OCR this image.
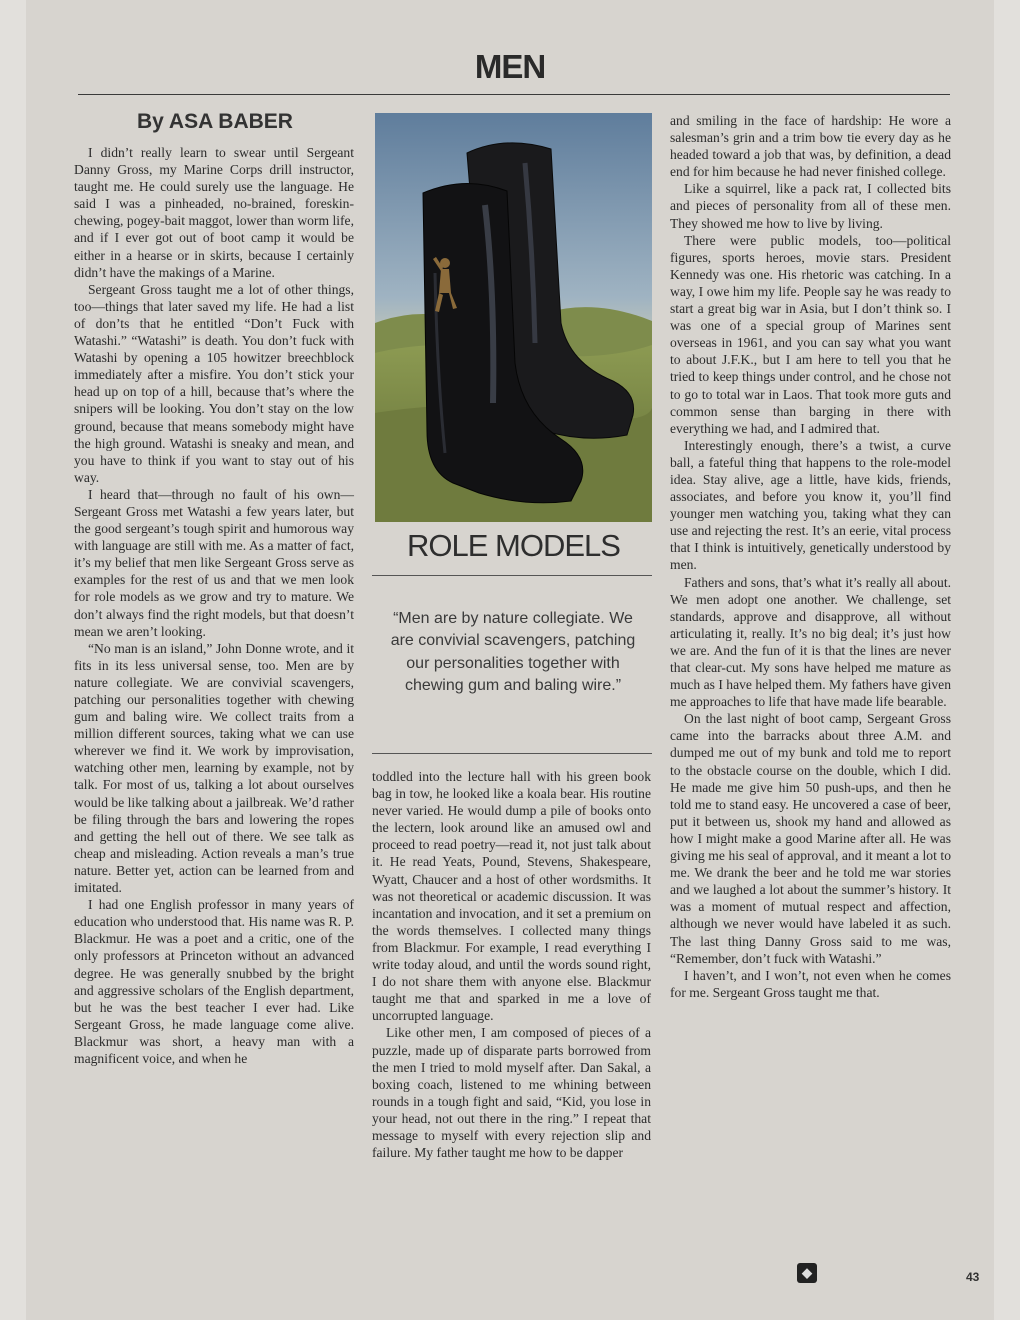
MEN
By ASA BABER

I didn’t really learn to swear until Sergeant Danny Gross, my Marine Corps drill instructor, taught me. He could surely use the language. He said I was a pinheaded, no-brained, foreskin-chewing, pogey-bait maggot, lower than worm life, and if I ever got out of boot camp it would be either in a hearse or in skirts, because I certainly didn’t have the makings of a Marine.

Sergeant Gross taught me a lot of other things, too—things that later saved my life. He had a list of don’ts that he entitled “Don’t Fuck with Watashi.” “Watashi” is death. You don’t fuck with Watashi by opening a 105 howitzer breechblock immediately after a misfire. You don’t stick your head up on top of a hill, because that’s where the snipers will be looking. You don’t stay on the low ground, because that means somebody might have the high ground. Watashi is sneaky and mean, and you have to think if you want to stay out of his way.

I heard that—through no fault of his own—Sergeant Gross met Watashi a few years later, but the good sergeant’s tough spirit and humorous way with language are still with me. As a matter of fact, it’s my belief that men like Sergeant Gross serve as examples for the rest of us and that we men look for role models as we grow and try to mature. We don’t always find the right models, but that doesn’t mean we aren’t looking.

“No man is an island,” John Donne wrote, and it fits in its less universal sense, too. Men are by nature collegiate. We are convivial scavengers, patching our personalities together with chewing gum and baling wire. We collect traits from a million different sources, taking what we can use wherever we find it. We work by improvisation, watching other men, learning by example, not by talk. For most of us, talking a lot about ourselves would be like talking about a jailbreak. We’d rather be filing through the bars and lowering the ropes and getting the hell out of there. We see talk as cheap and misleading. Action reveals a man’s true nature. Better yet, action can be learned from and imitated.

I had one English professor in many years of education who understood that. His name was R. P. Blackmur. He was a poet and a critic, one of the only professors at Princeton without an advanced degree. He was generally snubbed by the bright and aggressive scholars of the English department, but he was the best teacher I ever had. Like Sergeant Gross, he made language come alive. Blackmur was short, a heavy man with a magnificent voice, and when he

ROLE MODELS
“Men are by nature collegiate. We are convivial scavengers, patching our personalities together with chewing gum and baling wire.”

toddled into the lecture hall with his green book bag in tow, he looked like a koala bear. His routine never varied. He would dump a pile of books onto the lectern, look around like an amused owl and proceed to read poetry—read it, not just talk about it. He read Yeats, Pound, Stevens, Shakespeare, Wyatt, Chaucer and a host of other wordsmiths. It was not theoretical or academic discussion. It was incantation and invocation, and it set a premium on the words themselves. I collected many things from Blackmur. For example, I read everything I write today aloud, and until the words sound right, I do not share them with anyone else. Blackmur taught me that and sparked in me a love of uncorrupted language.

Like other men, I am composed of pieces of a puzzle, made up of disparate parts borrowed from the men I tried to mold myself after. Dan Sakal, a boxing coach, listened to me whining between rounds in a tough fight and said, “Kid, you lose in your head, not out there in the ring.” I repeat that message to myself with every rejection slip and failure. My father taught me how to be dapper

and smiling in the face of hardship: He wore a salesman’s grin and a trim bow tie every day as he headed toward a job that was, by definition, a dead end for him because he had never finished college.

Like a squirrel, like a pack rat, I collected bits and pieces of personality from all of these men. They showed me how to live by living.

There were public models, too—political figures, sports heroes, movie stars. President Kennedy was one. His rhetoric was catching. In a way, I owe him my life. People say he was ready to start a great big war in Asia, but I don’t think so. I was one of a special group of Marines sent overseas in 1961, and you can say what you want to about J.F.K., but I am here to tell you that he tried to keep things under control, and he chose not to go to total war in Laos. That took more guts and common sense than barging in there with everything we had, and I admired that.

Interestingly enough, there’s a twist, a curve ball, a fateful thing that happens to the role-model idea. Stay alive, age a little, have kids, friends, associates, and before you know it, you’ll find younger men watching you, taking what they can use and rejecting the rest. It’s an eerie, vital process that I think is intuitively, genetically understood by men.

Fathers and sons, that’s what it’s really all about. We men adopt one another. We challenge, set standards, approve and disapprove, all without articulating it, really. It’s no big deal; it’s just how we are. And the fun of it is that the lines are never that clear-cut. My sons have helped me mature as much as I have helped them. My fathers have given me approaches to life that have made life bearable.

On the last night of boot camp, Sergeant Gross came into the barracks about three A.M. and dumped me out of my bunk and told me to report to the obstacle course on the double, which I did. He made me give him 50 push-ups, and then he told me to stand easy. He uncovered a case of beer, put it between us, shook my hand and allowed as how I might make a good Marine after all. He was giving me his seal of approval, and it meant a lot to me. We drank the beer and he told me war stories and we laughed a lot about the summer’s history. It was a moment of mutual respect and affection, although we never would have labeled it as such. The last thing Danny Gross said to me was, “Remember, don’t fuck with Watashi.”

I haven’t, and I won’t, not even when he comes for me. Sergeant Gross taught me that.

◆	43
